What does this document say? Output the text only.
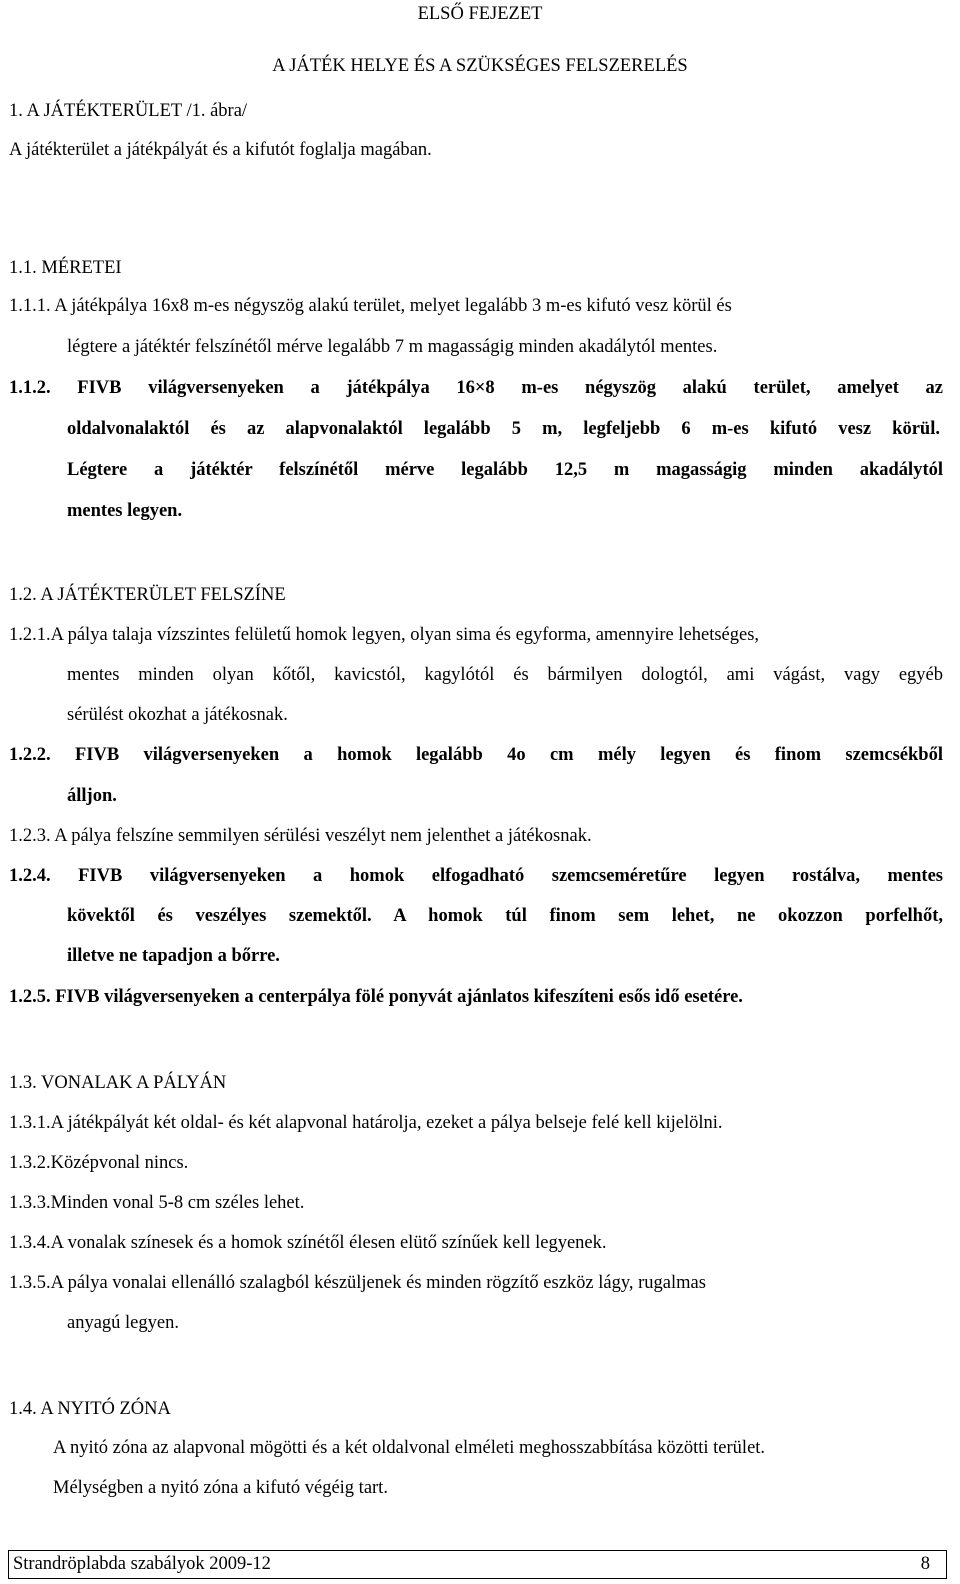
ELSŐ FEJEZET
A JÁTÉK HELYE ÉS A SZÜKSÉGES FELSZERELÉS
1. A JÁTÉKTERÜLET /1. ábra/
A játékterület a játékpályát és a kifutót foglalja magában.
1.1. MÉRETEI
1.1.1. A játékpálya 16x8 m-es négyszög alakú terület, melyet legalább 3 m-es kifutó vesz körül és
légtere a játéktér felszínétől mérve legalább 7 m magasságig minden akadálytól mentes.
1.1.2. FIVB világversenyeken a játékpálya 16×8 m-es négyszög alakú terület, amelyet az
oldalvonalaktól és az alapvonalaktól legalább 5 m, legfeljebb 6 m-es kifutó vesz körül.
Légtere a játéktér felszínétől mérve legalább 12,5 m magasságig minden akadálytól
mentes legyen.
1.2. A JÁTÉKTERÜLET FELSZÍNE
1.2.1.A pálya talaja vízszintes felületű homok legyen, olyan sima és egyforma, amennyire lehetséges,
mentes minden olyan kőtől, kavicstól, kagylótól és bármilyen dologtól, ami vágást, vagy egyéb
sérülést okozhat a játékosnak.
1.2.2. FIVB világversenyeken a homok legalább 4o cm mély legyen és finom szemcsékből
álljon.
1.2.3. A pálya felszíne semmilyen sérülési veszélyt nem jelenthet a játékosnak.
1.2.4. FIVB világversenyeken a homok elfogadható szemcseméretűre legyen rostálva, mentes
kövektől és veszélyes szemektől. A homok túl finom sem lehet, ne okozzon porfelhőt,
illetve ne tapadjon a bőrre.
1.2.5. FIVB világversenyeken a centerpálya fölé ponyvát ajánlatos kifeszíteni esős idő esetére.
1.3. VONALAK A PÁLYÁN
1.3.1.A játékpályát két oldal- és két alapvonal határolja, ezeket a pálya belseje felé kell kijelölni.
1.3.2.Középvonal nincs.
1.3.3.Minden vonal 5-8 cm széles lehet.
1.3.4.A vonalak színesek és a homok színétől élesen elütő színűek kell legyenek.
1.3.5.A pálya vonalai ellenálló szalagból készüljenek és minden rögzítő eszköz lágy, rugalmas
anyagú legyen.
1.4. A NYITÓ ZÓNA
A nyitó zóna az alapvonal mögötti és a két oldalvonal elméleti meghosszabbítása közötti terület.
Mélységben a nyitó zóna a kifutó végéig tart.
Strandröplabda szabályok 2009-12	8
